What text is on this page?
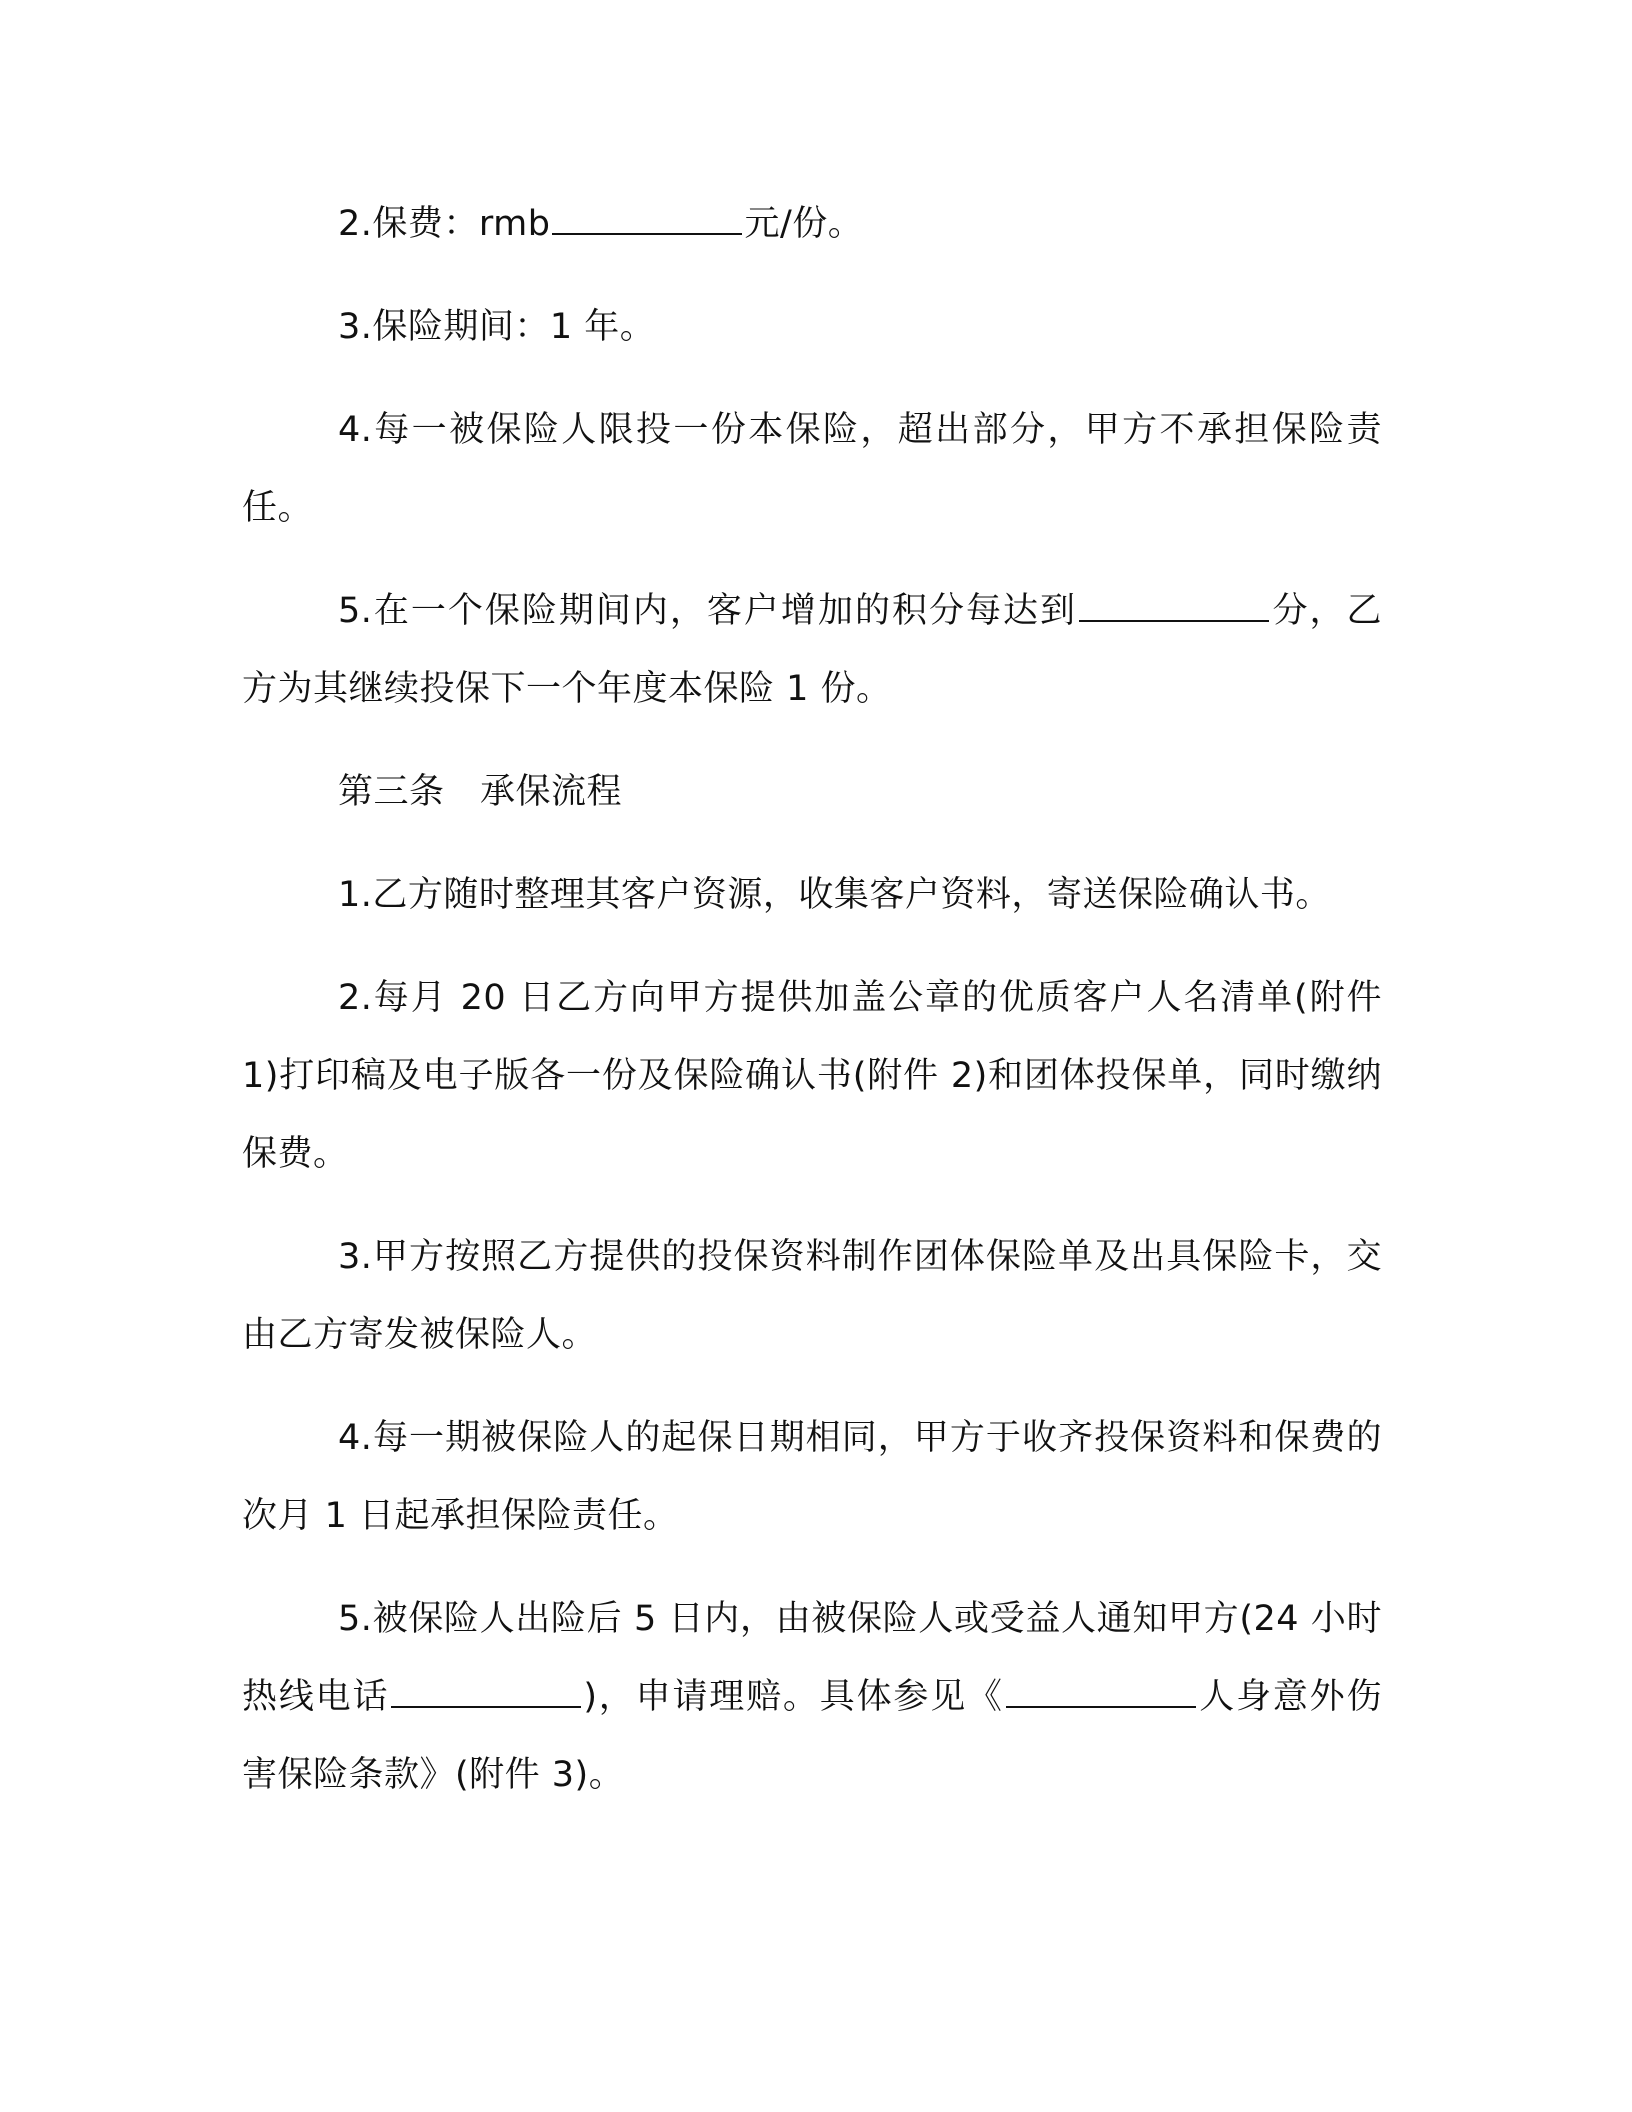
2.保费：rmb	元/份。

3.保险期间：1 年。

4.每一被保险人限投一份本保险，超出部分，甲方不承担保险责任。

5.在一个保险期间内，客户增加的积分每达到	分，乙方为其继续投保下一个年度本保险 1 份。

第三条　承保流程

1.乙方随时整理其客户资源，收集客户资料，寄送保险确认书。

2.每月 20 日乙方向甲方提供加盖公章的优质客户人名清单(附件 1)打印稿及电子版各一份及保险确认书(附件 2)和团体投保单，同时缴纳保费。

3.甲方按照乙方提供的投保资料制作团体保险单及出具保险卡，交由乙方寄发被保险人。

4.每一期被保险人的起保日期相同，甲方于收齐投保资料和保费的次月 1 日起承担保险责任。

5.被保险人出险后 5 日内，由被保险人或受益人通知甲方(24 小时热线电话	)，申请理赔。具体参见《	人身意外伤害保险条款》(附件 3)。
